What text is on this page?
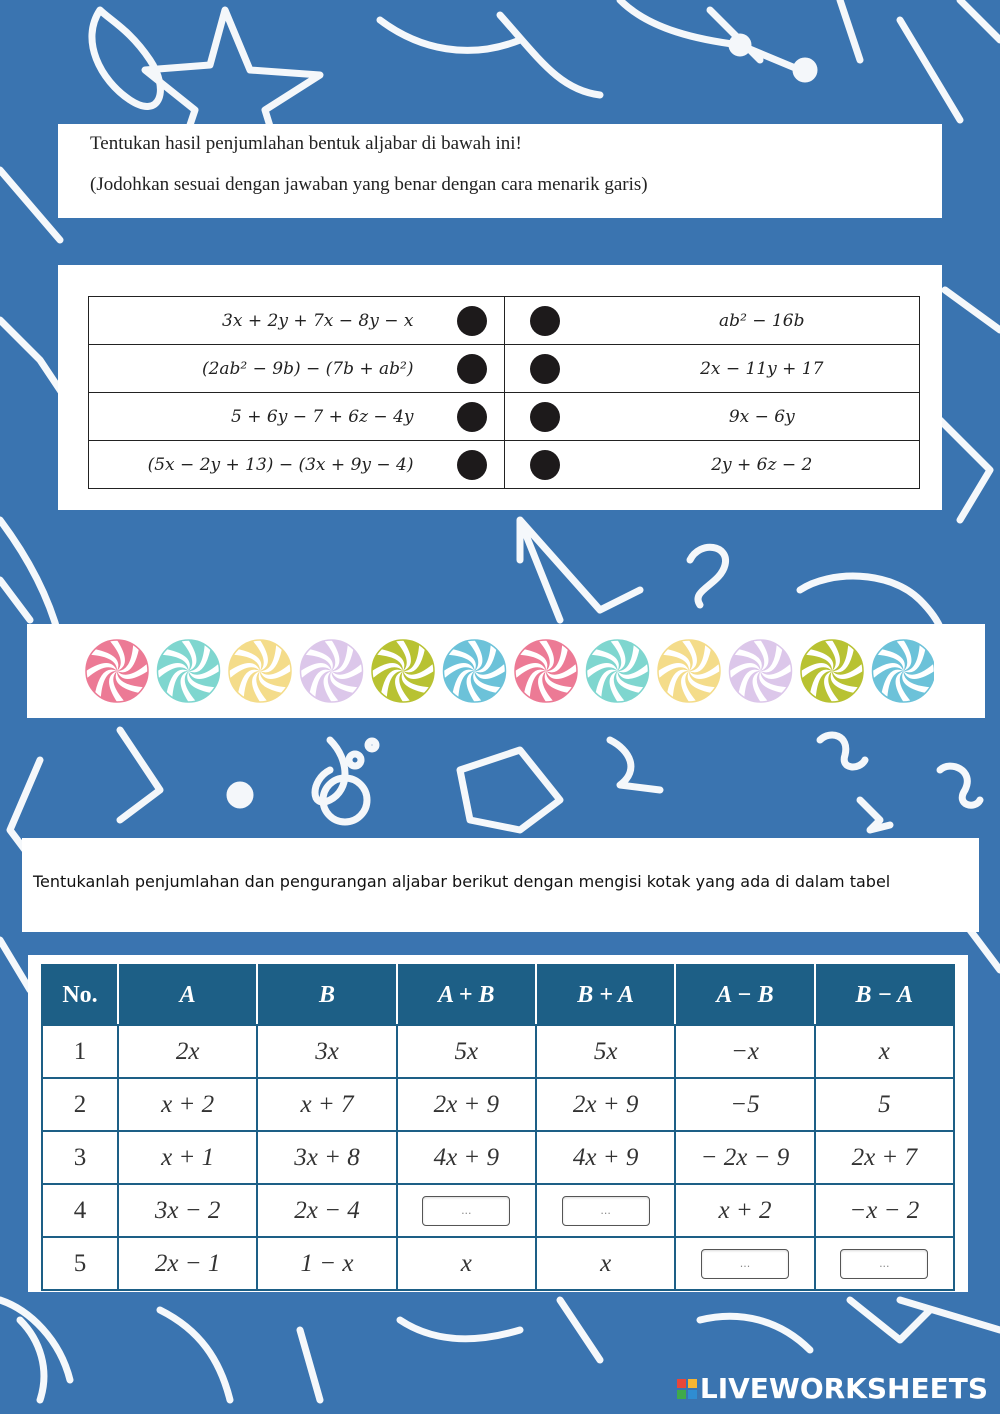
Tentukan hasil penjumlahan bentuk aljabar di bawah ini!
(Jodohkan sesuai dengan jawaban yang benar dengan cara menarik garis)
3x + 2y + 7x − 8y − x	ab² − 16b

(2ab² − 9b) − (7b + ab²)	2x − 11y + 17

5 + 6y − 7 + 6z − 4y	9x − 6y

(5x − 2y + 13) − (3x + 9y − 4)	2y + 6z − 2
Tentukanlah penjumlahan dan pengurangan aljabar berikut dengan mengisi kotak yang ada di dalam tabel
No.	A	B	A + B	B + A	A − B	B − A
1	2x	3x	5x	5x	−x	x
2	x + 2	x + 7	2x + 9	2x + 9	−5	5
3	x + 1	3x + 8	4x + 9	4x + 9	− 2x − 9	2x + 7
4	3x − 2	2x − 4	...	...	x + 2	−x − 2
5	2x − 1	1 − x	x	x	...	...
LIVEWORKSHEETS
